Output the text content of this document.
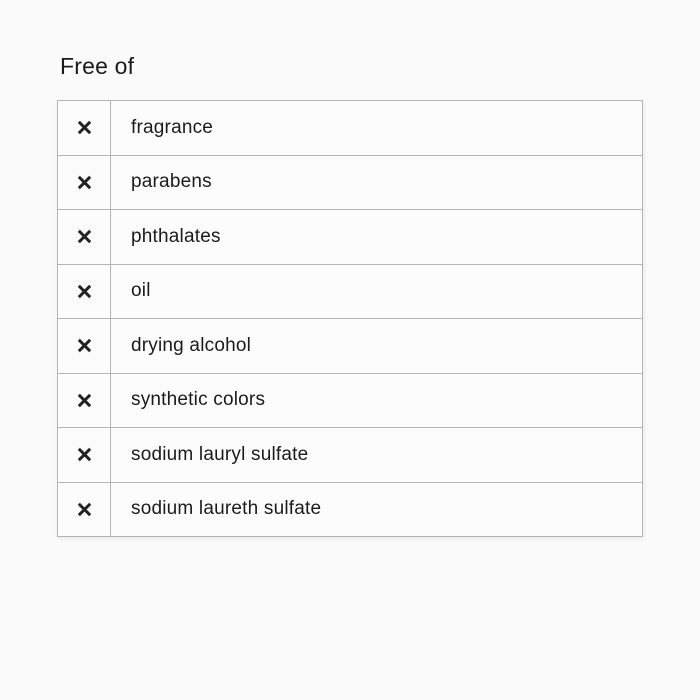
Free of
fragrance
parabens
phthalates
oil
drying alcohol
synthetic colors
sodium lauryl sulfate
sodium laureth sulfate
